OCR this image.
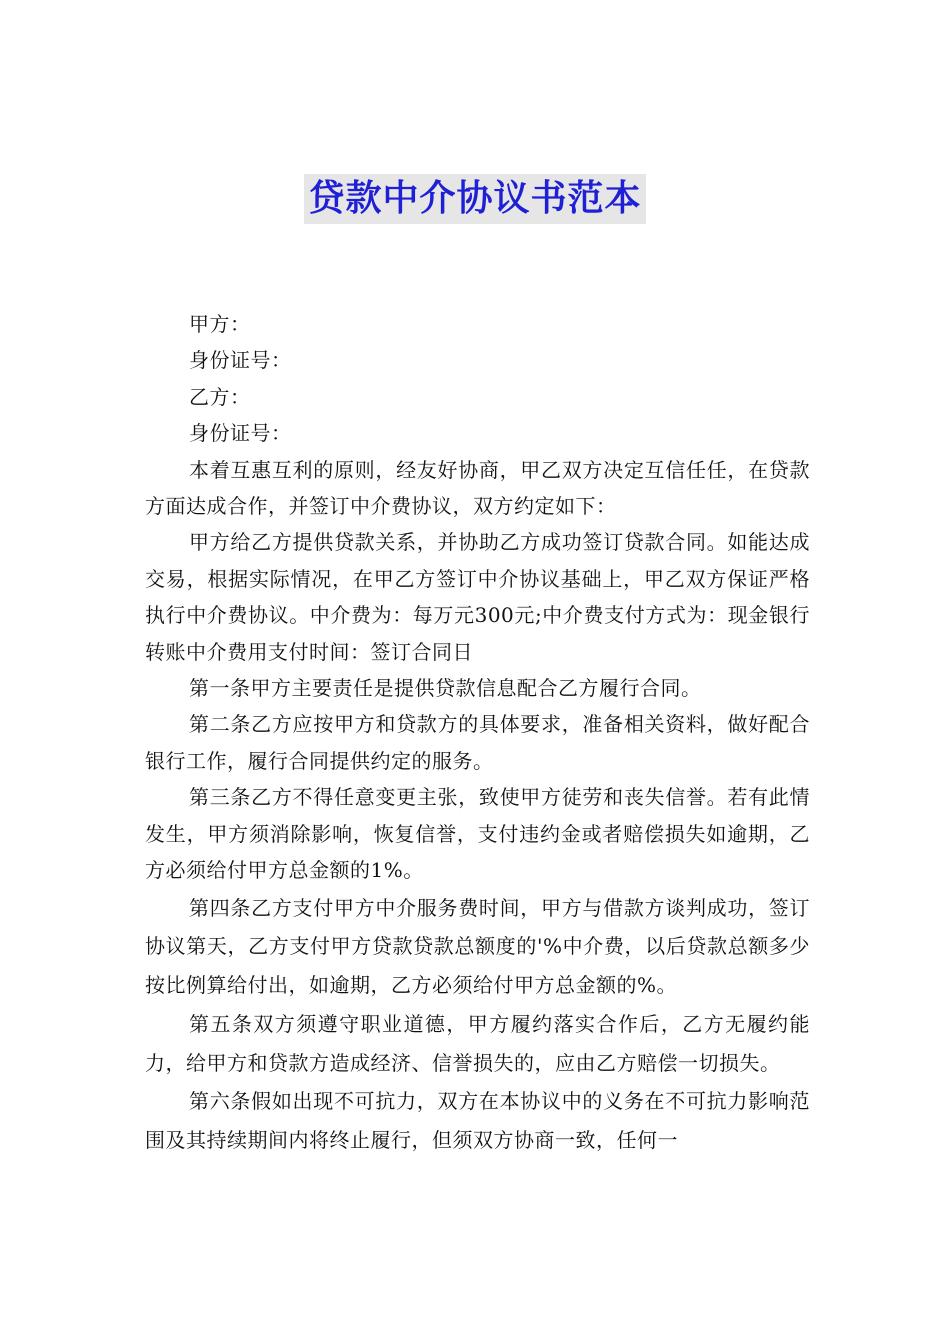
贷款中介协议书范本

甲方：

身份证号：

乙方：

身份证号：

本着互惠互利的原则，经友好协商，甲乙双方决定互信任任，在贷款方面达成合作，并签订中介费协议，双方约定如下：

甲方给乙方提供贷款关系，并协助乙方成功签订贷款合同。如能达成交易，根据实际情况，在甲乙方签订中介协议基础上，甲乙双方保证严格执行中介费协议。中介费为：每万元300元;中介费支付方式为：现金银行转账中介费用支付时间：签订合同日

第一条甲方主要责任是提供贷款信息配合乙方履行合同。

第二条乙方应按甲方和贷款方的具体要求，准备相关资料，做好配合银行工作，履行合同提供约定的服务。

第三条乙方不得任意变更主张，致使甲方徒劳和丧失信誉。若有此情发生，甲方须消除影响，恢复信誉，支付违约金或者赔偿损失如逾期，乙方必须给付甲方总金额的1%。

第四条乙方支付甲方中介服务费时间，甲方与借款方谈判成功，签订协议第天，乙方支付甲方贷款贷款总额度的'%中介费，以后贷款总额多少按比例算给付出，如逾期，乙方必须给付甲方总金额的%。

第五条双方须遵守职业道德，甲方履约落实合作后，乙方无履约能力，给甲方和贷款方造成经济、信誉损失的，应由乙方赔偿一切损失。

第六条假如出现不可抗力，双方在本协议中的义务在不可抗力影响范围及其持续期间内将终止履行，但须双方协商一致，任何一
